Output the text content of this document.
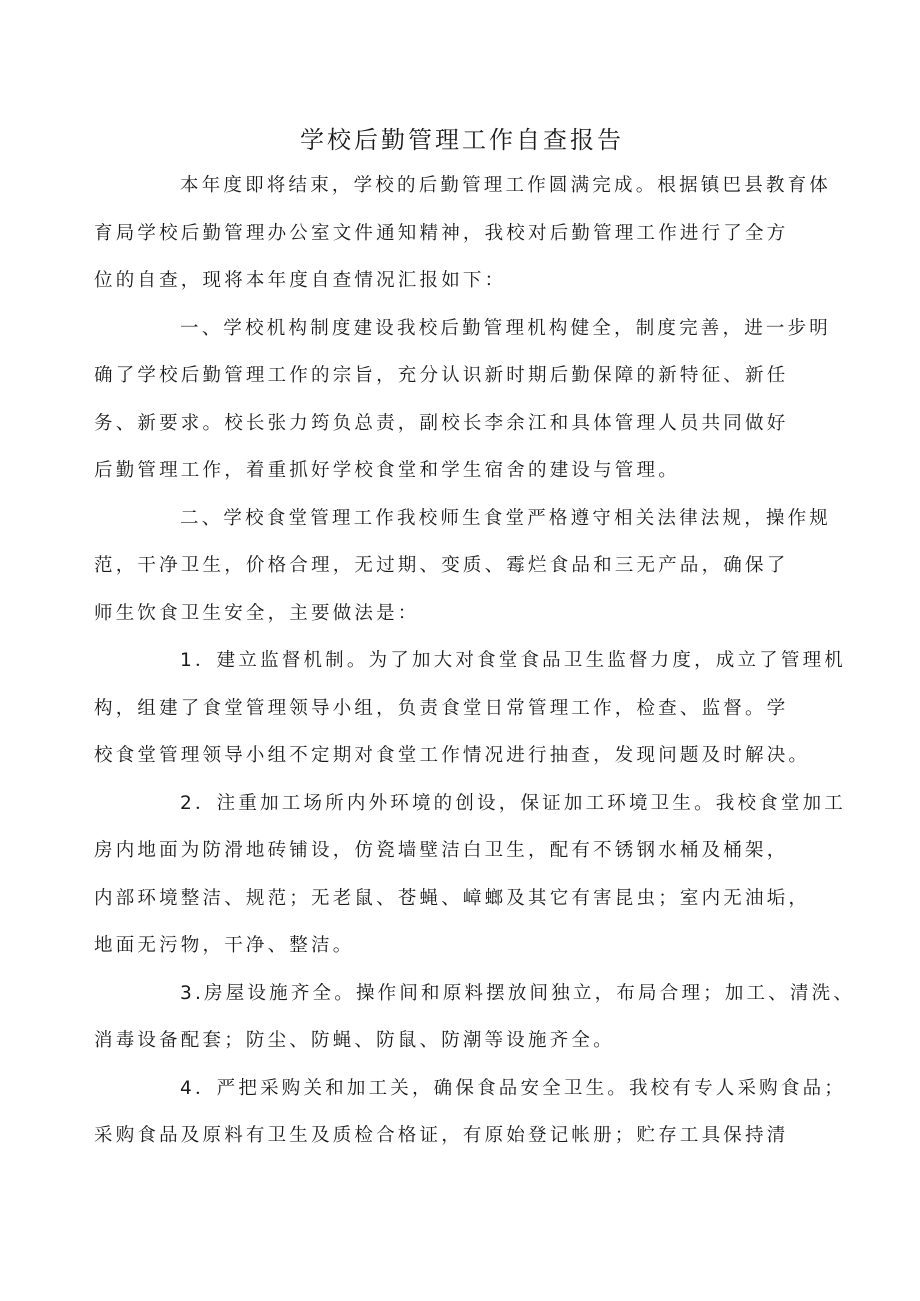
学校后勤管理工作自查报告
本年度即将结束，学校的后勤管理工作圆满完成。根据镇巴县教育体
育局学校后勤管理办公室文件通知精神，我校对后勤管理工作进行了全方
位的自查，现将本年度自查情况汇报如下：
一、学校机构制度建设我校后勤管理机构健全，制度完善，进一步明
确了学校后勤管理工作的宗旨，充分认识新时期后勤保障的新特征、新任
务、新要求。校长张力筠负总责，副校长李余江和具体管理人员共同做好
后勤管理工作，着重抓好学校食堂和学生宿舍的建设与管理。
二、学校食堂管理工作我校师生食堂严格遵守相关法律法规，操作规
范，干净卫生，价格合理，无过期、变质、霉烂食品和三无产品，确保了
师生饮食卫生安全，主要做法是：
1．建立监督机制。为了加大对食堂食品卫生监督力度，成立了管理机
构，组建了食堂管理领导小组，负责食堂日常管理工作，检查、监督。学
校食堂管理领导小组不定期对食堂工作情况进行抽查，发现问题及时解决。
2．注重加工场所内外环境的创设，保证加工环境卫生。我校食堂加工
房内地面为防滑地砖铺设，仿瓷墙壁洁白卫生，配有不锈钢水桶及桶架，
内部环境整洁、规范；无老鼠、苍蝇、嶂螂及其它有害昆虫；室内无油垢，
地面无污物，干净、整洁。
3.房屋设施齐全。操作间和原料摆放间独立，布局合理；加工、清洗、
消毒设备配套；防尘、防蝇、防鼠、防潮等设施齐全。
4．严把采购关和加工关，确保食品安全卫生。我校有专人采购食品；
采购食品及原料有卫生及质检合格证，有原始登记帐册；贮存工具保持清
